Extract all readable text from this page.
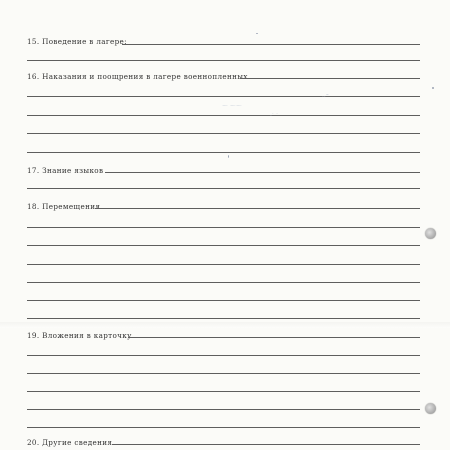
15. Поведение в лагере:
16. Наказания и поощрения в лагере военнопленных
～ ～～
·⌒
··˜
17. Знание языков
18. Перемещения
19. Вложения в карточку
20. Другие сведения
